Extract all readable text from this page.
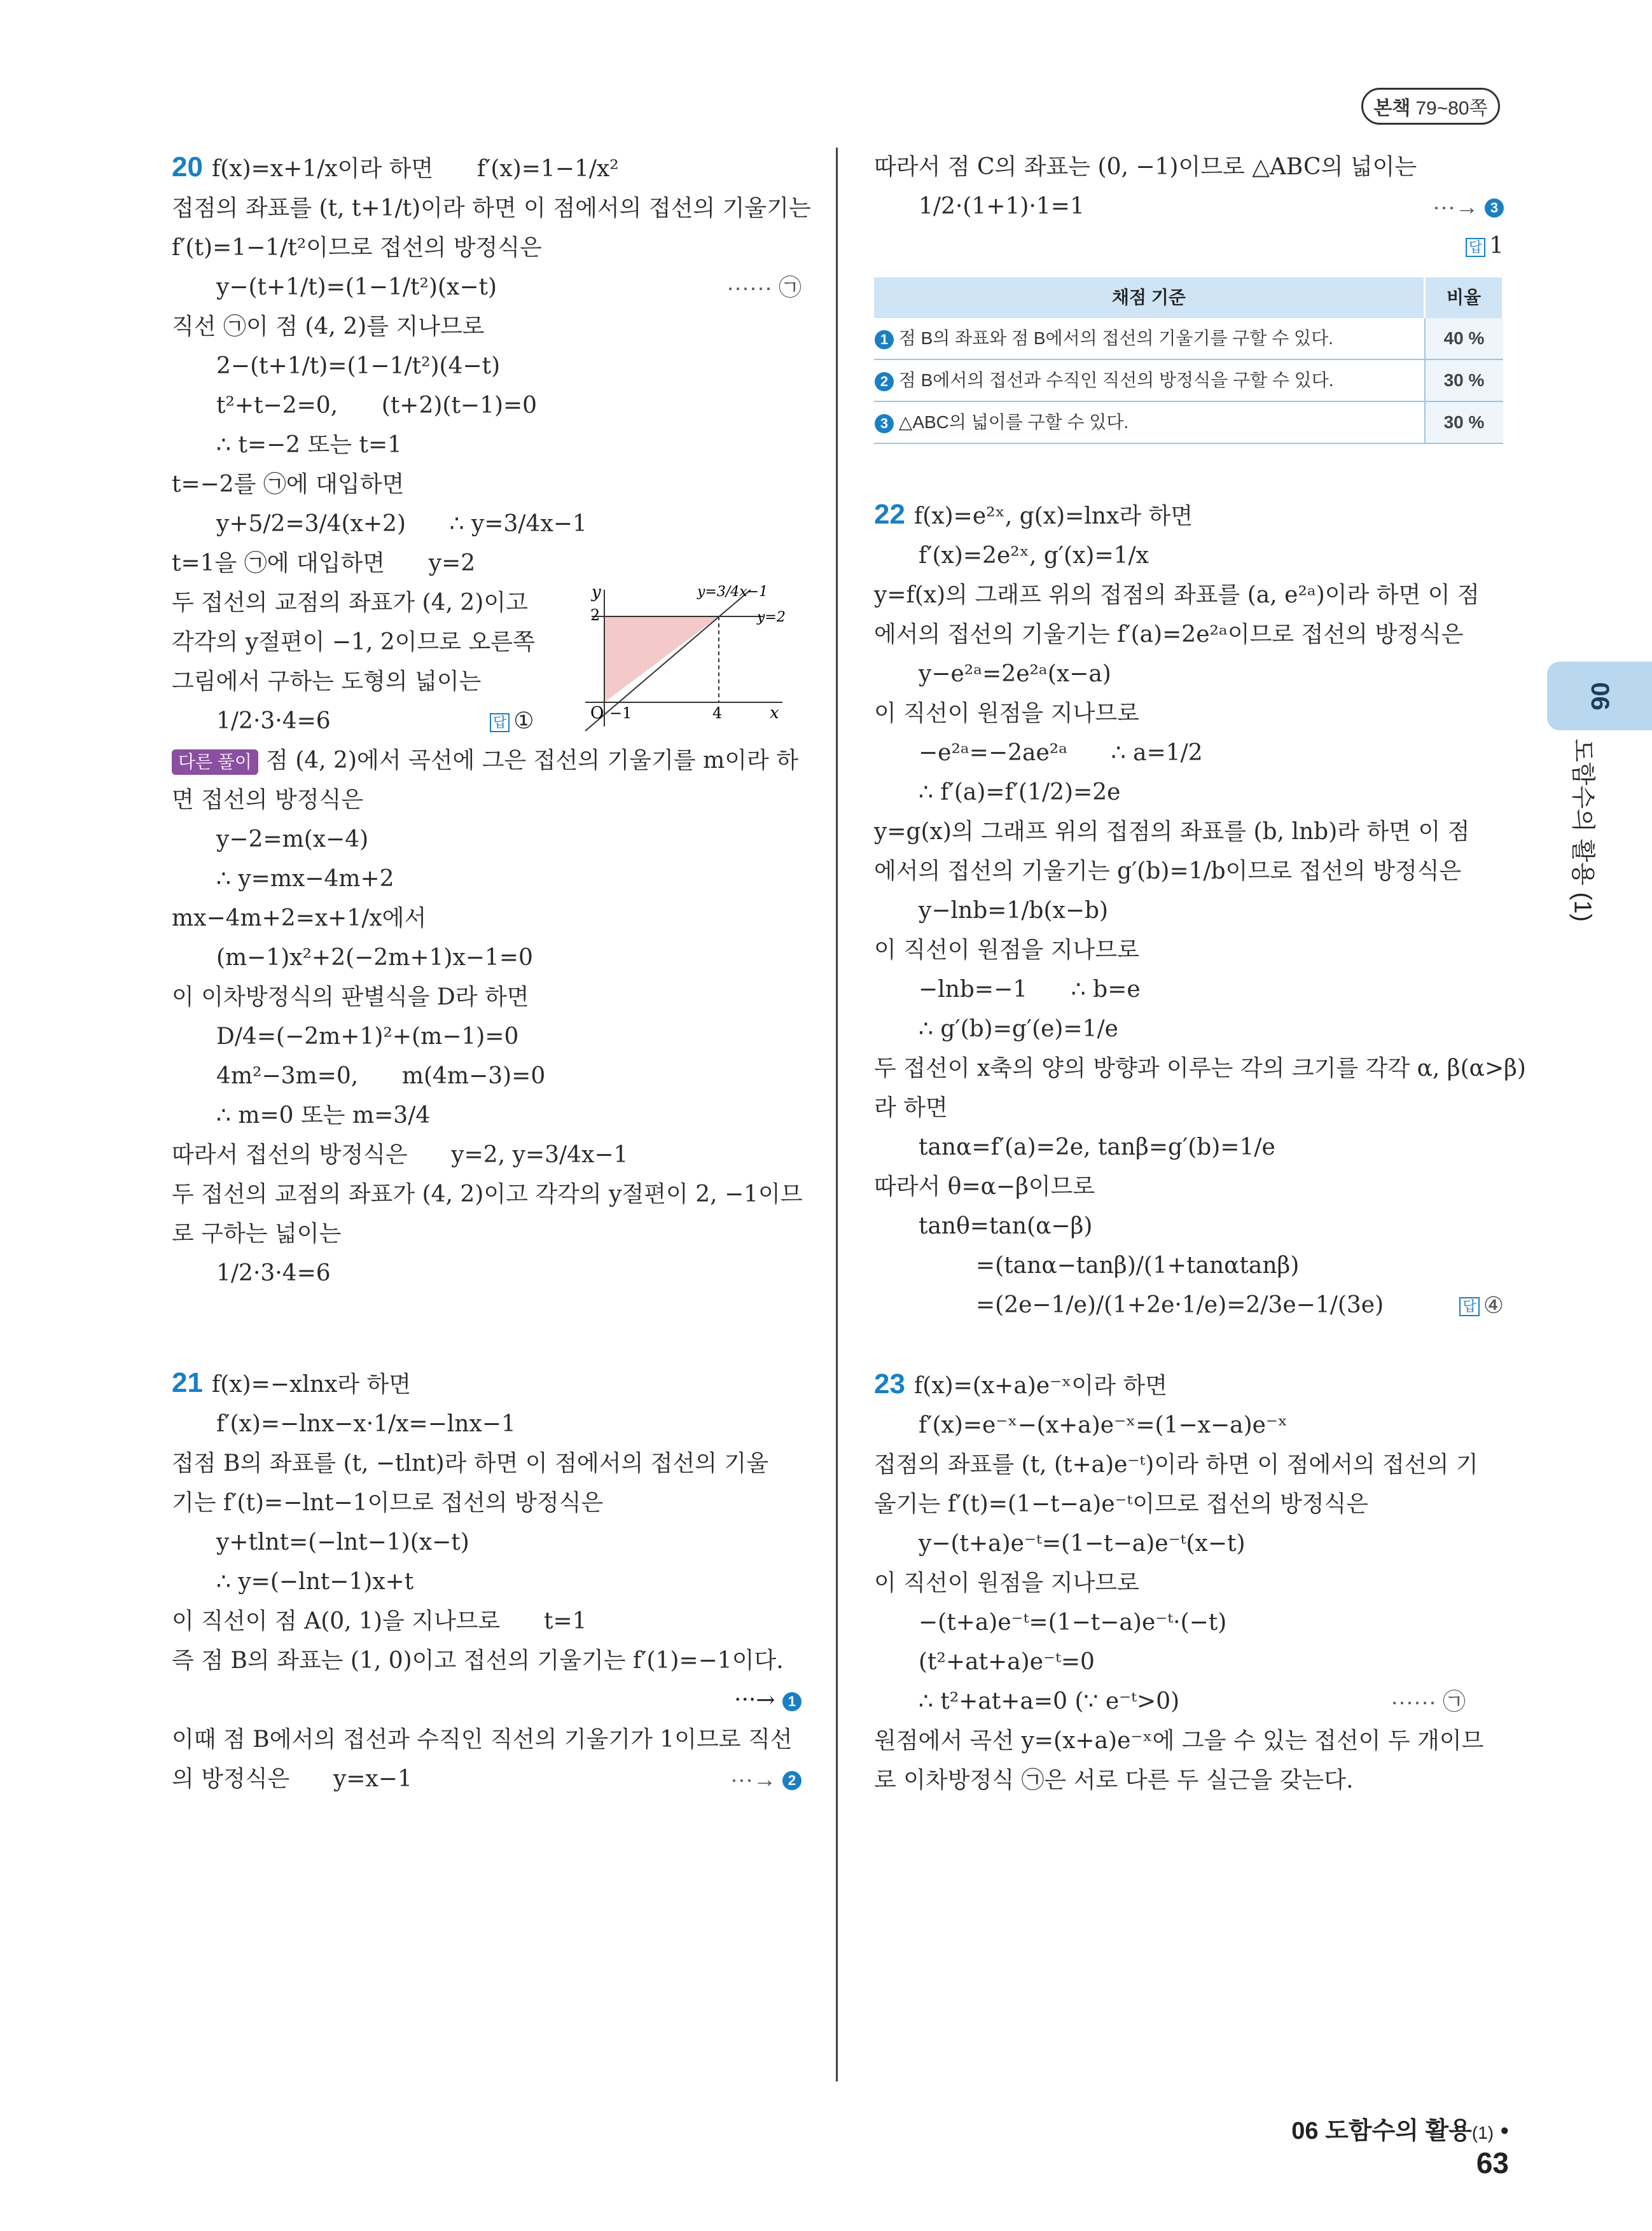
본책 79~80쪽
20 f(x)=x+1/x이라 하면      f′(x)=1−1/x²
접점의 좌표를 (t, t+1/t)이라 하면 이 점에서의 접선의 기울기는
f′(t)=1−1/t²이므로 접선의 방정식은
y−(t+1/t)=(1−1/t²)(x−t)	······ ㉠
직선 ㉠이 점 (4, 2)를 지나므로
2−(t+1/t)=(1−1/t²)(4−t)
t²+t−2=0,      (t+2)(t−1)=0
∴ t=−2 또는 t=1
t=−2를 ㉠에 대입하면
y+5/2=3/4(x+2)      ∴ y=3/4x−1
t=1을 ㉠에 대입하면      y=2
두 접선의 교점의 좌표가 (4, 2)이고
각각의 y절편이 −1, 2이므로 오른쪽
그림에서 구하는 도형의 넓이는
1/2·3·4=6	답 ①
2
O −1	4	x
y	y=3/4x−1
y=2
다른 풀이 점 (4, 2)에서 곡선에 그은 접선의 기울기를 m이라 하
면 접선의 방정식은
y−2=m(x−4)
∴ y=mx−4m+2
mx−4m+2=x+1/x에서
(m−1)x²+2(−2m+1)x−1=0
이 이차방정식의 판별식을 D라 하면
D/4=(−2m+1)²+(m−1)=0
4m²−3m=0,      m(4m−3)=0
∴ m=0 또는 m=3/4
따라서 접선의 방정식은      y=2, y=3/4x−1
두 접선의 교점의 좌표가 (4, 2)이고 각각의 y절편이 2, −1이므
로 구하는 넓이는
1/2·3·4=6
21 f(x)=−xlnx라 하면
f′(x)=−lnx−x·1/x=−lnx−1
접점 B의 좌표를 (t, −tlnt)라 하면 이 점에서의 접선의 기울
기는 f′(t)=−lnt−1이므로 접선의 방정식은
y+tlnt=(−lnt−1)(x−t)
∴ y=(−lnt−1)x+t
이 직선이 점 A(0, 1)을 지나므로      t=1
즉 점 B의 좌표는 (1, 0)이고 접선의 기울기는 f′(1)=−1이다.
···→ 1
이때 점 B에서의 접선과 수직인 직선의 기울기가 1이므로 직선
의 방정식은      y=x−1	···→ 2
따라서 점 C의 좌표는 (0, −1)이므로 △ABC의 넓이는
1/2·(1+1)·1=1	···→ 3
답 1
채점 기준	비율
1 점 B의 좌표와 점 B에서의 접선의 기울기를 구할 수 있다.	40 %
2 점 B에서의 접선과 수직인 직선의 방정식을 구할 수 있다.	30 %
3 △ABC의 넓이를 구할 수 있다.	30 %
22 f(x)=e²ˣ, g(x)=lnx라 하면
f′(x)=2e²ˣ, g′(x)=1/x
y=f(x)의 그래프 위의 접점의 좌표를 (a, e²ᵃ)이라 하면 이 점
에서의 접선의 기울기는 f′(a)=2e²ᵃ이므로 접선의 방정식은
y−e²ᵃ=2e²ᵃ(x−a)
이 직선이 원점을 지나므로
−e²ᵃ=−2ae²ᵃ      ∴ a=1/2
∴ f′(a)=f′(1/2)=2e
y=g(x)의 그래프 위의 접점의 좌표를 (b, lnb)라 하면 이 점
에서의 접선의 기울기는 g′(b)=1/b이므로 접선의 방정식은
y−lnb=1/b(x−b)
이 직선이 원점을 지나므로
−lnb=−1      ∴ b=e
∴ g′(b)=g′(e)=1/e
두 접선이 x축의 양의 방향과 이루는 각의 크기를 각각 α, β(α>β)
라 하면
tanα=f′(a)=2e, tanβ=g′(b)=1/e
따라서 θ=α−β이므로
tanθ=tan(α−β)
=(tanα−tanβ)/(1+tanαtanβ)
=(2e−1/e)/(1+2e·1/e)=2/3e−1/(3e)	답 ④
23 f(x)=(x+a)e⁻ˣ이라 하면
f′(x)=e⁻ˣ−(x+a)e⁻ˣ=(1−x−a)e⁻ˣ
접점의 좌표를 (t, (t+a)e⁻ᵗ)이라 하면 이 점에서의 접선의 기
울기는 f′(t)=(1−t−a)e⁻ᵗ이므로 접선의 방정식은
y−(t+a)e⁻ᵗ=(1−t−a)e⁻ᵗ(x−t)
이 직선이 원점을 지나므로
−(t+a)e⁻ᵗ=(1−t−a)e⁻ᵗ·(−t)
(t²+at+a)e⁻ᵗ=0
∴ t²+at+a=0 (∵ e⁻ᵗ>0)	······ ㉠
원점에서 곡선 y=(x+a)e⁻ˣ에 그을 수 있는 접선이 두 개이므
로 이차방정식 ㉠은 서로 다른 두 실근을 갖는다.
06
도함수의 활용 (1)
06 도함수의 활용(1) • 63
